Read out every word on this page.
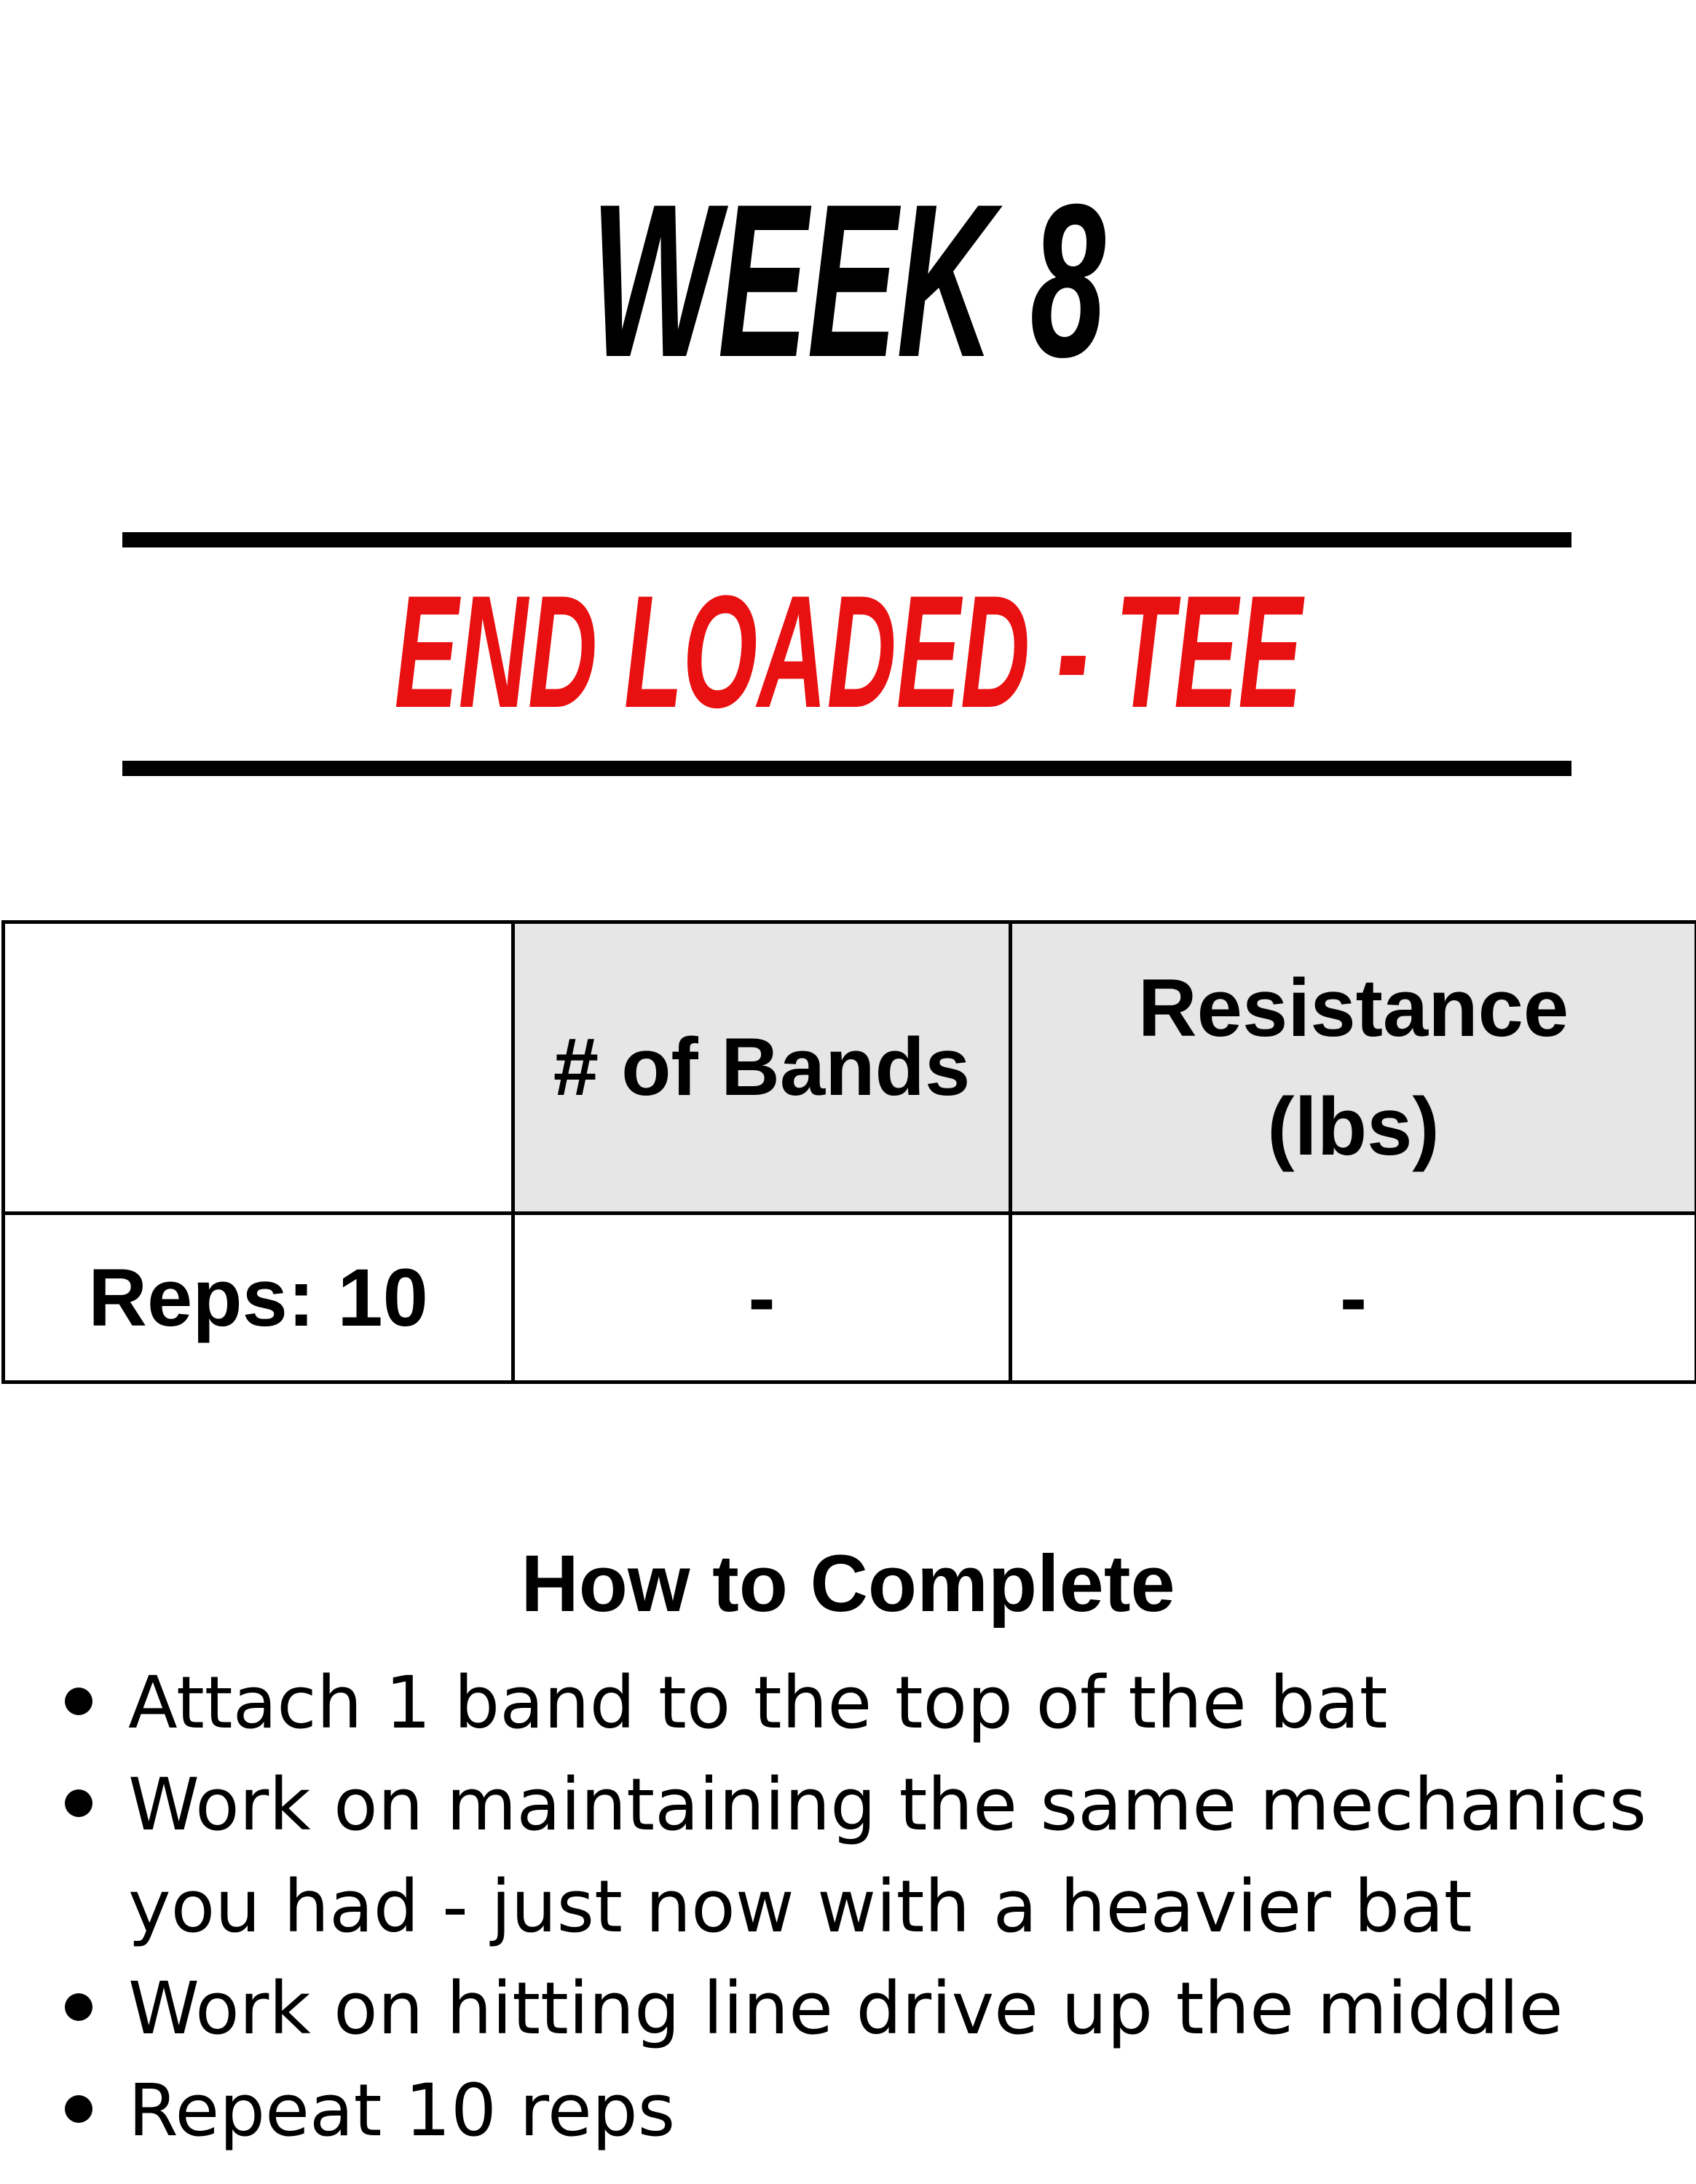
WEEK 8
END LOADED - TEE
	# of Bands	Resistance (lbs)

Reps: 10	-	-
How to Complete
Attach 1 band to the top of the bat
Work on maintaining the same mechanics you had - just now with a heavier bat
Work on hitting line drive up the middle
Repeat 10 reps
